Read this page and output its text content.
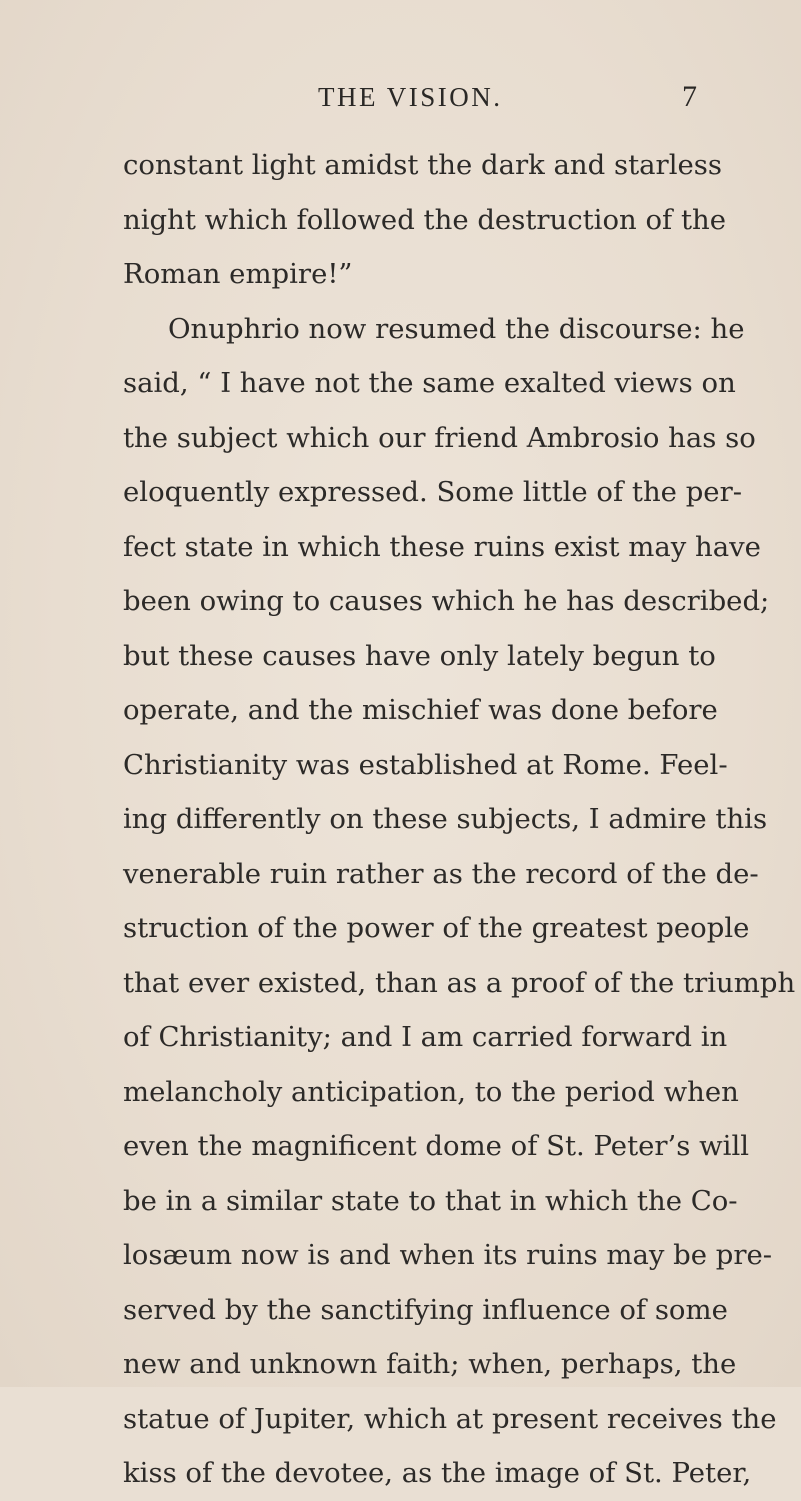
THE VISION.	7
constant light amidst the dark and starless
night which followed the destruction of the
Roman empire!”
Onuphrio now resumed the discourse: he
said, “ I have not the same exalted views on
the subject which our friend Ambrosio has so
eloquently expressed. Some little of the per-
fect state in which these ruins exist may have
been owing to causes which he has described;
but these causes have only lately begun to
operate, and the mischief was done before
Christianity was established at Rome. Feel-
ing differently on these subjects, I admire this
venerable ruin rather as the record of the de-
struction of the power of the greatest people
that ever existed, than as a proof of the triumph
of Christianity; and I am carried forward in
melancholy anticipation, to the period when
even the magnificent dome of St. Peter’s will
be in a similar state to that in which the Co-
losæum now is and when its ruins may be pre-
served by the sanctifying influence of some
new and unknown faith; when, perhaps, the
statue of Jupiter, which at present receives the
kiss of the devotee, as the image of St. Peter,
